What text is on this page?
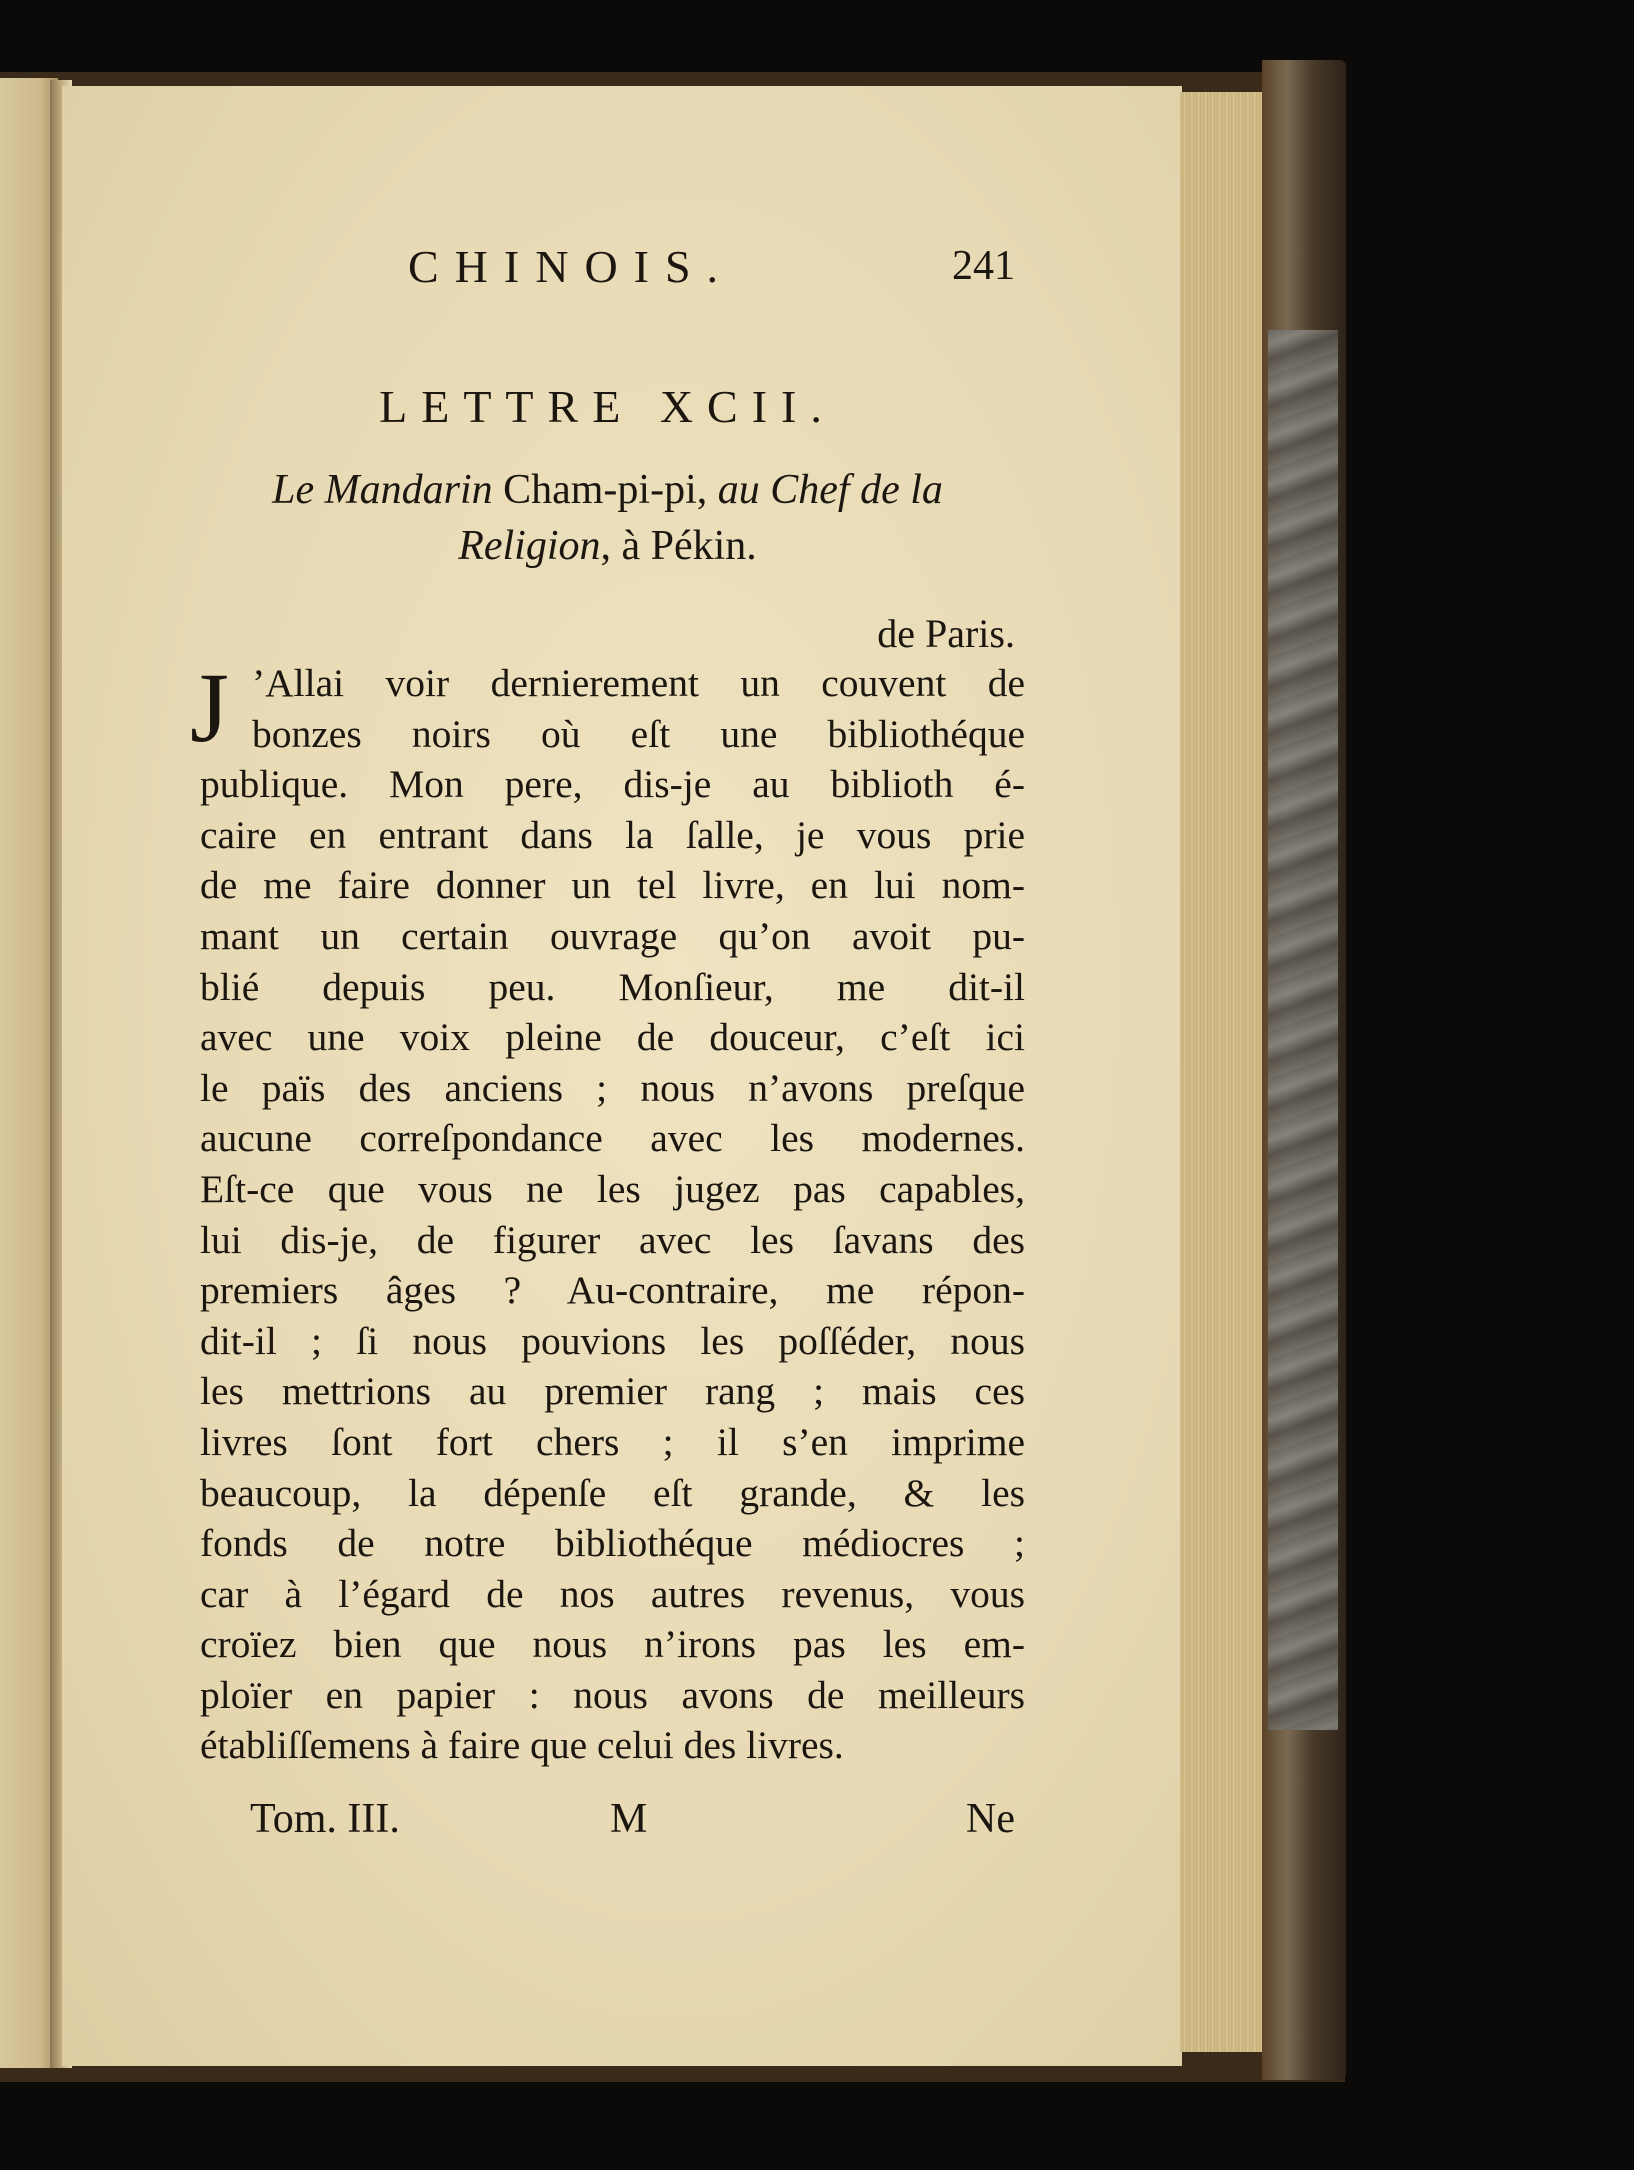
CHINOIS.	241
LETTRE XCII.
Le Mandarin Cham-pi-pi, au Chef de la
Religion, à Pékin.
de Paris.
J ’Allai voir dernierement un couvent de
bonzes noirs où eſt une bibliothéque
publique. Mon pere, dis-je au biblioth é-
caire en entrant dans la ſalle, je vous prie
de me faire donner un tel livre, en lui nom-
mant un certain ouvrage qu’on avoit pu-
blié depuis peu. Monſieur, me dit-il
avec une voix pleine de douceur, c’eſt ici
le païs des anciens ; nous n’avons preſque
aucune correſpondance avec les modernes.
Eſt-ce que vous ne les jugez pas capables,
lui dis-je, de figurer avec les ſavans des
premiers âges ? Au-contraire, me répon-
dit-il ; ſi nous pouvions les poſſéder, nous
les mettrions au premier rang ; mais ces
livres ſont fort chers ; il s’en imprime
beaucoup, la dépenſe eſt grande, & les
fonds de notre bibliothéque médiocres ;
car à l’égard de nos autres revenus, vous
croïez bien que nous n’irons pas les em-
ploïer en papier : nous avons de meilleurs
établiſſemens à faire que celui des livres.
Tom. III.	M	Ne
